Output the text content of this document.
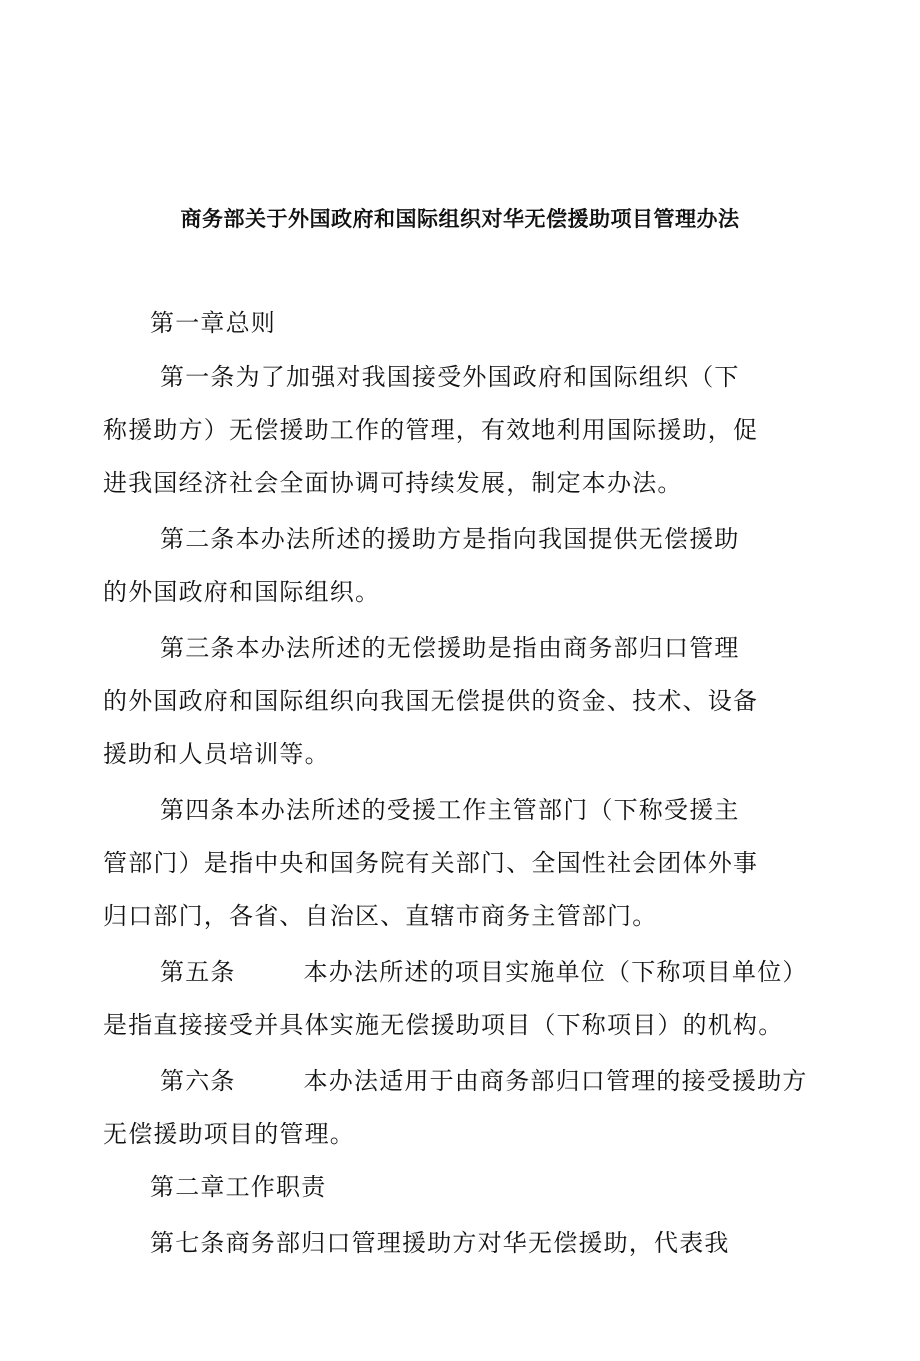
商务部关于外国政府和国际组织对华无偿援助项目管理办法
第一章总则
第一条为了加强对我国接受外国政府和国际组织（下
称援助方）无偿援助工作的管理，有效地利用国际援助，促
进我国经济社会全面协调可持续发展，制定本办法。
第二条本办法所述的援助方是指向我国提供无偿援助
的外国政府和国际组织。
第三条本办法所述的无偿援助是指由商务部归口管理
的外国政府和国际组织向我国无偿提供的资金、技术、设备
援助和人员培训等。
第四条本办法所述的受援工作主管部门（下称受援主
管部门）是指中央和国务院有关部门、全国性社会团体外事
归口部门，各省、自治区、直辖市商务主管部门。
第五条	本办法所述的项目实施单位（下称项目单位）
是指直接接受并具体实施无偿援助项目（下称项目）的机构。
第六条	本办法适用于由商务部归口管理的接受援助方
无偿援助项目的管理。
第二章工作职责
第七条商务部归口管理援助方对华无偿援助，代表我
